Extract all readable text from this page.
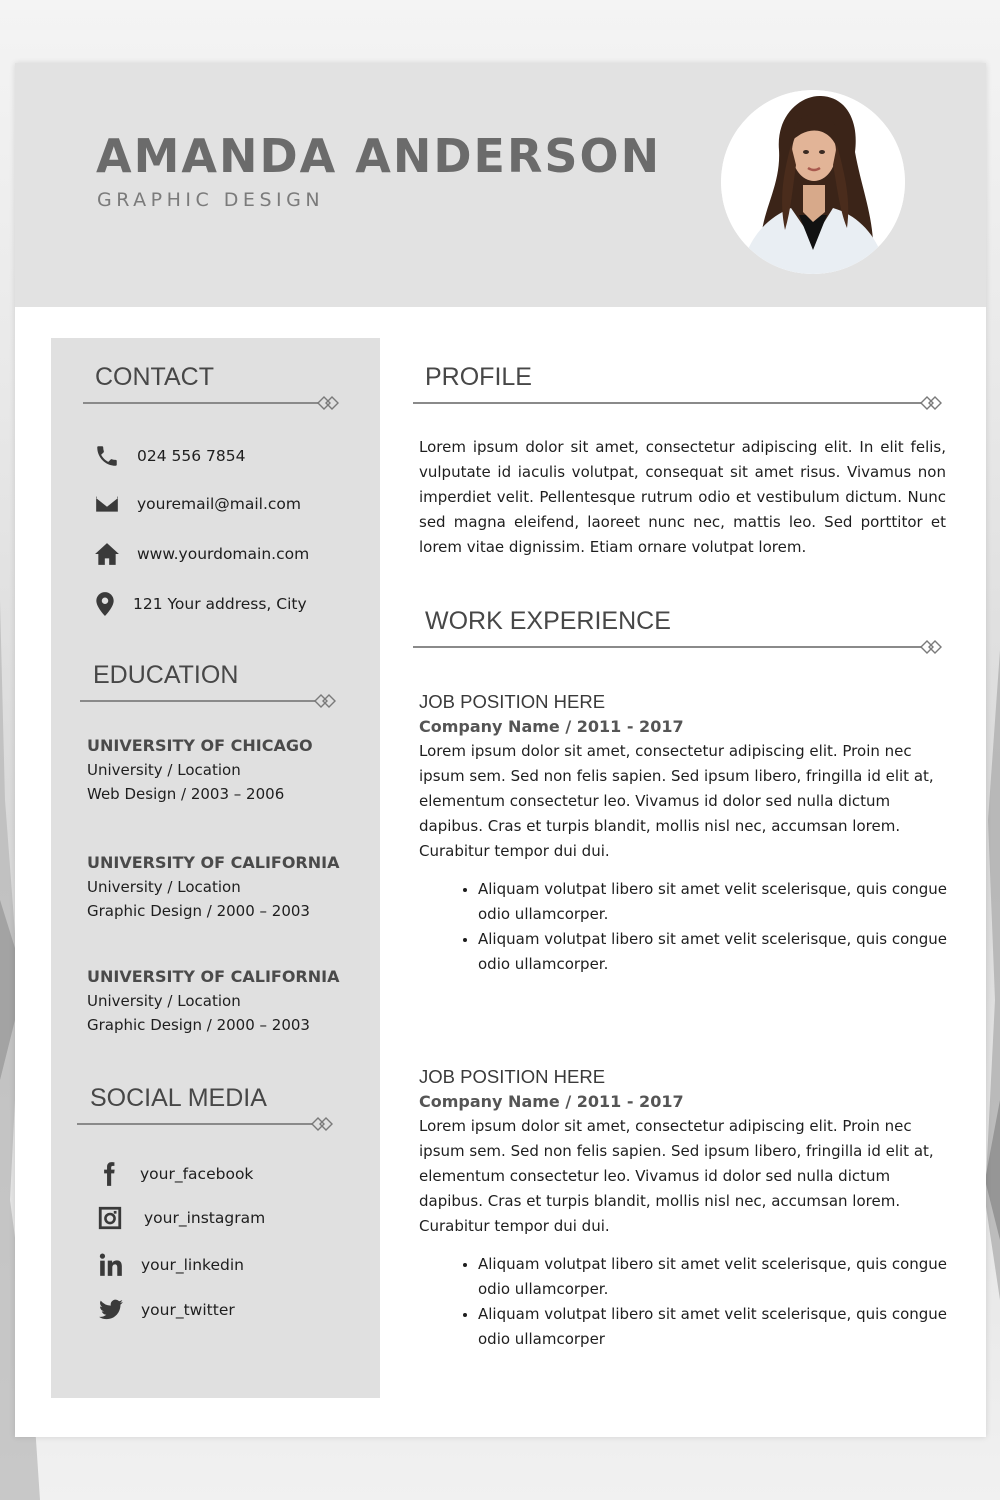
AMANDA ANDERSON
GRAPHIC DESIGN
CONTACT
024 556 7854
youremail@mail.com
www.yourdomain.com
121 Your address, City
EDUCATION
UNIVERSITY OF CHICAGO
University / Location
Web Design / 2003 – 2006
UNIVERSITY OF CALIFORNIA
University / Location
Graphic Design / 2000 – 2003
UNIVERSITY OF CALIFORNIA
University / Location
Graphic Design / 2000 – 2003
SOCIAL MEDIA
your_facebook
your_instagram
your_linkedin
your_twitter
PROFILE
Lorem ipsum dolor sit amet, consectetur adipiscing elit. In elit felis, vulputate id iaculis volutpat, consequat sit amet risus. Vivamus non imperdiet velit. Pellentesque rutrum odio et vestibulum dictum. Nunc sed magna eleifend, laoreet nunc nec, mattis leo. Sed porttitor et lorem vitae dignissim. Etiam ornare volutpat lorem.
WORK EXPERIENCE
JOB POSITION HERE
Company Name / 2011 - 2017
Lorem ipsum dolor sit amet, consectetur adipiscing elit. Proin nec ipsum sem. Sed non felis sapien. Sed ipsum libero, fringilla id elit at, elementum consectetur leo. Vivamus id dolor sed nulla dictum dapibus. Cras et turpis blandit, mollis nisl nec, accumsan lorem. Curabitur tempor dui dui.
• Aliquam volutpat libero sit amet velit scelerisque, quis congue odio ullamcorper.
• Aliquam volutpat libero sit amet velit scelerisque, quis congue odio ullamcorper.
JOB POSITION HERE
Company Name / 2011 - 2017
Lorem ipsum dolor sit amet, consectetur adipiscing elit. Proin nec ipsum sem. Sed non felis sapien. Sed ipsum libero, fringilla id elit at, elementum consectetur leo. Vivamus id dolor sed nulla dictum dapibus. Cras et turpis blandit, mollis nisl nec, accumsan lorem. Curabitur tempor dui dui.
• Aliquam volutpat libero sit amet velit scelerisque, quis congue odio ullamcorper.
• Aliquam volutpat libero sit amet velit scelerisque, quis congue odio ullamcorper
